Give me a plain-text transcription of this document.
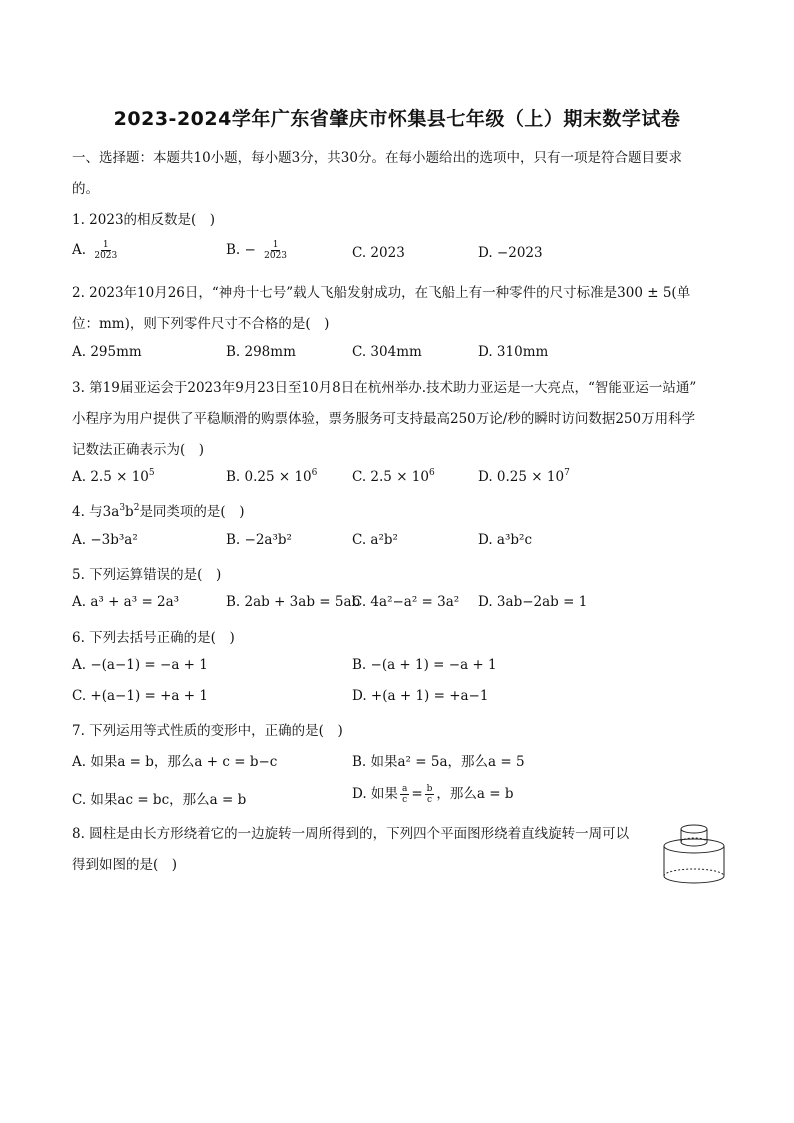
2023-2024学年广东省肇庆市怀集县七年级（上）期末数学试卷
一、选择题：本题共10小题，每小题3分，共30分。在每小题给出的选项中，只有一项是符合题目要求
的。
1. 2023的相反数是(　)
A. $\frac{1}{2023}$	B. − $\frac{1}{2023}$	C. 2023	D. −2023
2. 2023年10月26日，“神舟十七号”载人飞船发射成功，在飞船上有一种零件的尺寸标准是300 ± 5(单
位：mm)，则下列零件尺寸不合格的是(　)
A. 295mm	B. 298mm	C. 304mm	D. 310mm
3. 第19届亚运会于2023年9月23日至10月8日在杭州举办.技术助力亚运是一大亮点，“智能亚运一站通”
小程序为用户提供了平稳顺滑的购票体验，票务服务可支持最高250万论/秒的瞬时访问数据250万用科学
记数法正确表示为(　)
A. $2.5 \times 10^5$	B. $0.25 \times 10^6$	C. $2.5 \times 10^6$	D. $0.25 \times 10^7$
4. 与$3a^3b^2$是同类项的是(　)
A. −3b³a²	B. −2a³b²	C. a²b²	D. a³b²c
5. 下列运算错误的是(　)
A. a³ + a³ = 2a³	B. 2ab + 3ab = 5ab
C. 4a²−a² = 3a² D. 3ab−2ab = 1
6. 下列去括号正确的是(　)
A. −(a−1) = −a + 1	B. −(a + 1) = −a + 1
C. +(a−1) = +a + 1	D. +(a + 1) = +a−1
7. 下列运用等式性质的变形中，正确的是(　)
A. 如果a = b，那么a + c = b−c	B. 如果a² = 5a，那么a = 5
C. 如果ac = bc，那么a = b	D. 如果 $\frac{a}{c} = \frac{b}{c}$ ，那么a = b
8. 圆柱是由长方形绕着它的一边旋转一周所得到的，下列四个平面图形绕着直线旋转一周可以
得到如图的是(　)
